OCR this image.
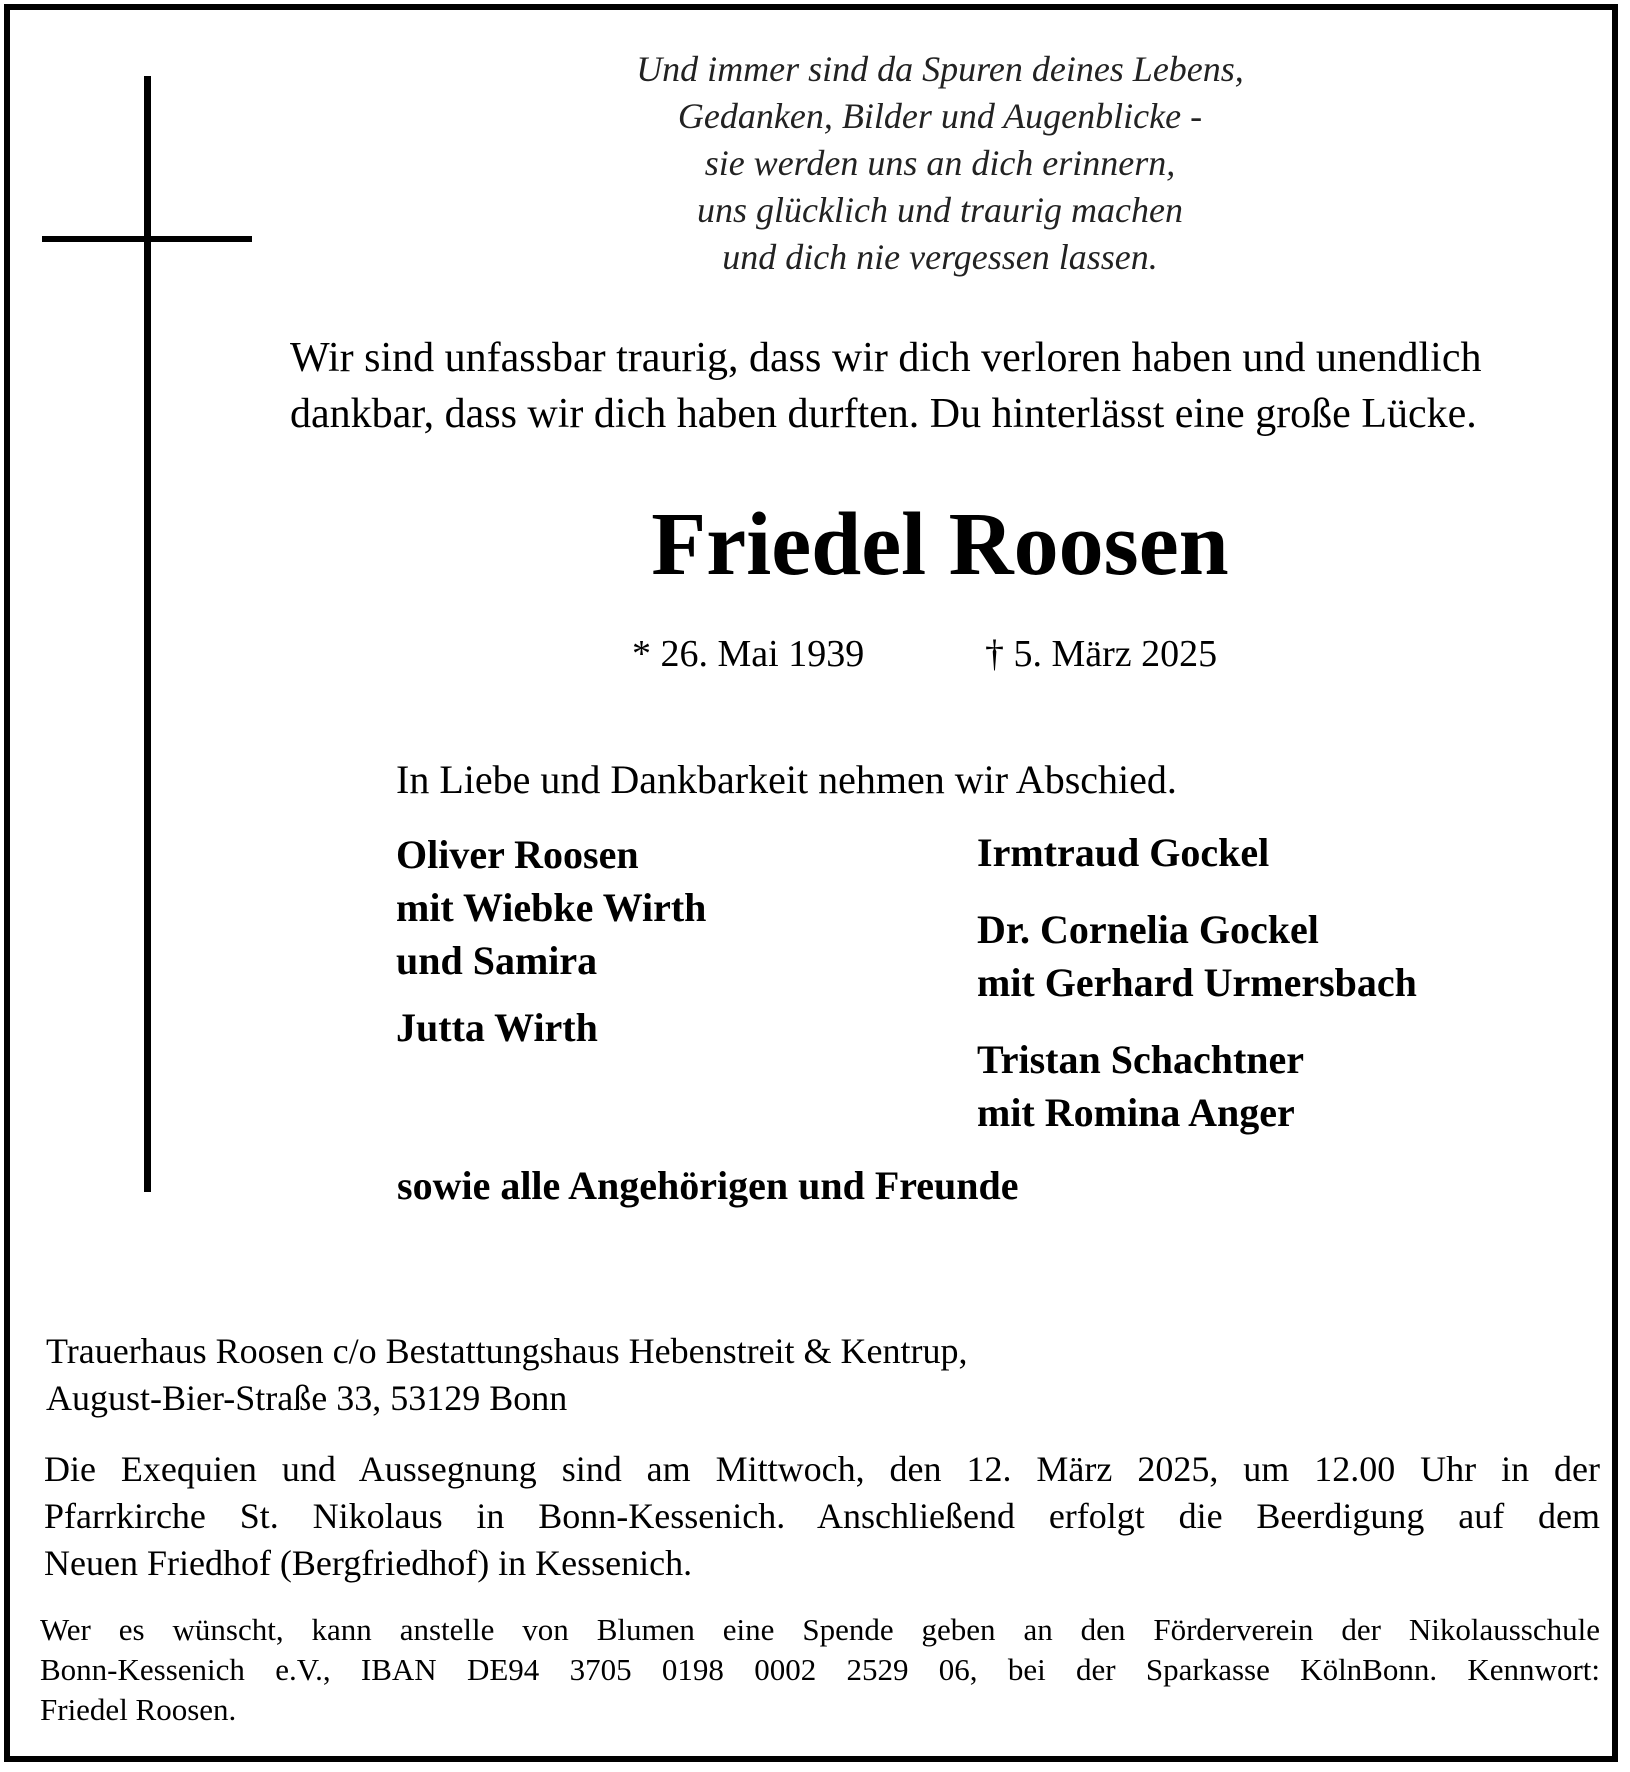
Und immer sind da Spuren deines Lebens,
Gedanken, Bilder und Augenblicke -
sie werden uns an dich erinnern,
uns glücklich und traurig machen
und dich nie vergessen lassen.
Wir sind unfassbar traurig, dass wir dich verloren haben und unendlich
dankbar, dass wir dich haben durften. Du hinterlässt eine große Lücke.
Friedel Roosen
* 26. Mai 1939	† 5. März 2025
In Liebe und Dankbarkeit nehmen wir Abschied.
Oliver Roosen
mit Wiebke Wirth
und Samira
Jutta Wirth
Irmtraud Gockel
Dr. Cornelia Gockel
mit Gerhard Urmersbach
Tristan Schachtner
mit Romina Anger
sowie alle Angehörigen und Freunde
Trauerhaus Roosen c/o Bestattungshaus Hebenstreit & Kentrup,
August-Bier-Straße 33, 53129 Bonn
Die Exequien und Aussegnung sind am Mittwoch, den 12. März 2025, um 12.00 Uhr in der
Pfarrkirche St. Nikolaus in Bonn-Kessenich. Anschließend erfolgt die Beerdigung auf dem
Neuen Friedhof (Bergfriedhof) in Kessenich.
Wer es wünscht, kann anstelle von Blumen eine Spende geben an den Förderverein der Nikolausschule
Bonn-Kessenich e.V., IBAN DE94 3705 0198 0002 2529 06, bei der Sparkasse KölnBonn. Kennwort:
Friedel Roosen.
